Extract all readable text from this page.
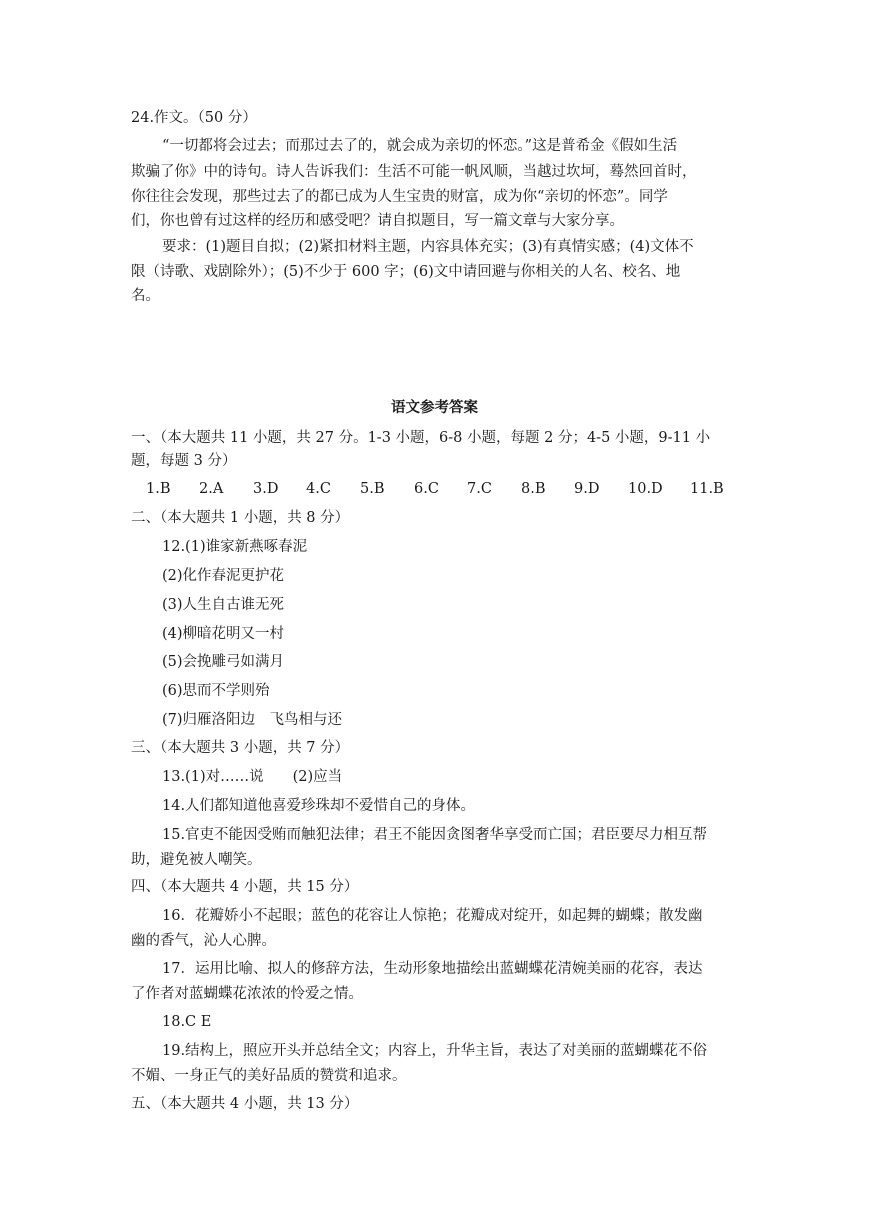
24.作文。（50 分）
“一切都将会过去；而那过去了的，就会成为亲切的怀恋。”这是普希金《假如生活
欺骗了你》中的诗句。诗人告诉我们：生活不可能一帆风顺，当越过坎坷，蓦然回首时，
你往往会发现，那些过去了的都已成为人生宝贵的财富，成为你“亲切的怀恋”。同学
们，你也曾有过这样的经历和感受吧？请自拟题目，写一篇文章与大家分享。
要求：(1)题目自拟；(2)紧扣材料主题，内容具体充实；(3)有真情实感；(4)文体不
限（诗歌、戏剧除外）；(5)不少于 600 字；(6)文中请回避与你相关的人名、校名、地
名。
语文参考答案
一、（本大题共 11 小题，共 27 分。1-3 小题，6-8 小题，每题 2 分；4-5 小题，9-11 小
题，每题 3 分）
1.B 2.A 3.D 4.C 5.B 6.C 7.C 8.B 9.D 10.D 11.B
二、（本大题共 1 小题，共 8 分）
12.(1)谁家新燕啄春泥
(2)化作春泥更护花
(3)人生自古谁无死
(4)柳暗花明又一村
(5)会挽雕弓如满月
(6)思而不学则殆
(7)归雁洛阳边　飞鸟相与还
三、（本大题共 3 小题，共 7 分）
13.(1)对……说　　(2)应当
14.人们都知道他喜爱珍珠却不爱惜自己的身体。
15.官吏不能因受贿而触犯法律；君王不能因贪图奢华享受而亡国；君臣要尽力相互帮
助，避免被人嘲笑。
四、（本大题共 4 小题，共 15 分）
16．花瓣娇小不起眼；蓝色的花容让人惊艳；花瓣成对绽开，如起舞的蝴蝶；散发幽
幽的香气，沁人心脾。
17．运用比喻、拟人的修辞方法，生动形象地描绘出蓝蝴蝶花清婉美丽的花容，表达
了作者对蓝蝴蝶花浓浓的怜爱之情。
18.C E
19.结构上，照应开头并总结全文；内容上，升华主旨，表达了对美丽的蓝蝴蝶花不俗
不媚、一身正气的美好品质的赞赏和追求。
五、（本大题共 4 小题，共 13 分）
